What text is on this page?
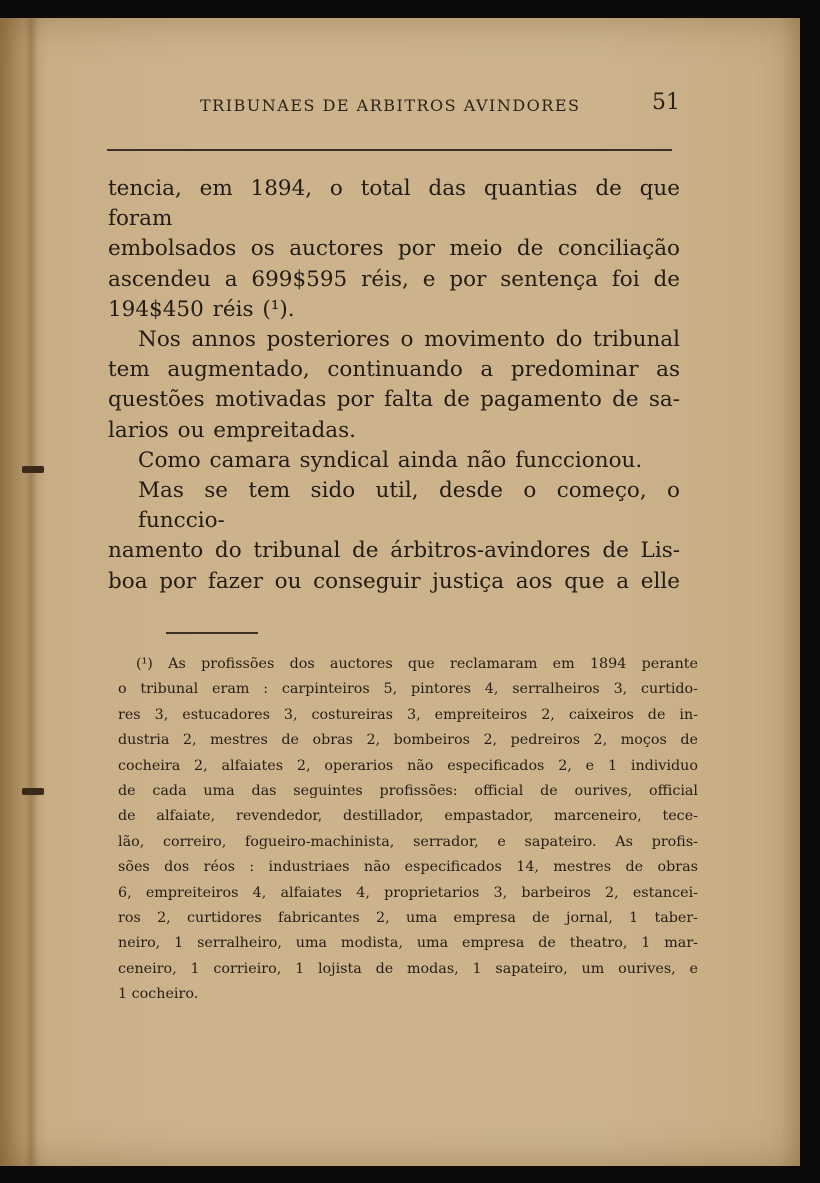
TRIBUNAES DE ARBITROS AVINDORES	51
tencia, em 1894, o total das quantias de que foram
embolsados os auctores por meio de conciliação
ascendeu a 699$595 réis, e por sentença foi de
194$450 réis (¹).
Nos annos posteriores o movimento do tribunal
tem augmentado, continuando a predominar as
questões motivadas por falta de pagamento de sa-
larios ou empreitadas.
Como camara syndical ainda não funccionou.
Mas se tem sido util, desde o começo, o funccio-
namento do tribunal de árbitros-avindores de Lis-
boa por fazer ou conseguir justiça aos que a elle
(¹) As profissões dos auctores que reclamaram em 1894 perante
o tribunal eram : carpinteiros 5, pintores 4, serralheiros 3, curtido-
res 3, estucadores 3, costureiras 3, empreiteiros 2, caixeiros de in-
dustria 2, mestres de obras 2, bombeiros 2, pedreiros 2, moços de
cocheira 2, alfaiates 2, operarios não especificados 2, e 1 individuo
de cada uma das seguintes profissões: official de ourives, official
de alfaiate, revendedor, destillador, empastador, marceneiro, tece-
lão, correiro, fogueiro-machinista, serrador, e sapateiro. As profis-
sões dos réos : industriaes não especificados 14, mestres de obras
6, empreiteiros 4, alfaiates 4, proprietarios 3, barbeiros 2, estancei-
ros 2, curtidores fabricantes 2, uma empresa de jornal, 1 taber-
neiro, 1 serralheiro, uma modista, uma empresa de theatro, 1 mar-
ceneiro, 1 corrieiro, 1 lojista de modas, 1 sapateiro, um ourives, e
1 cocheiro.
